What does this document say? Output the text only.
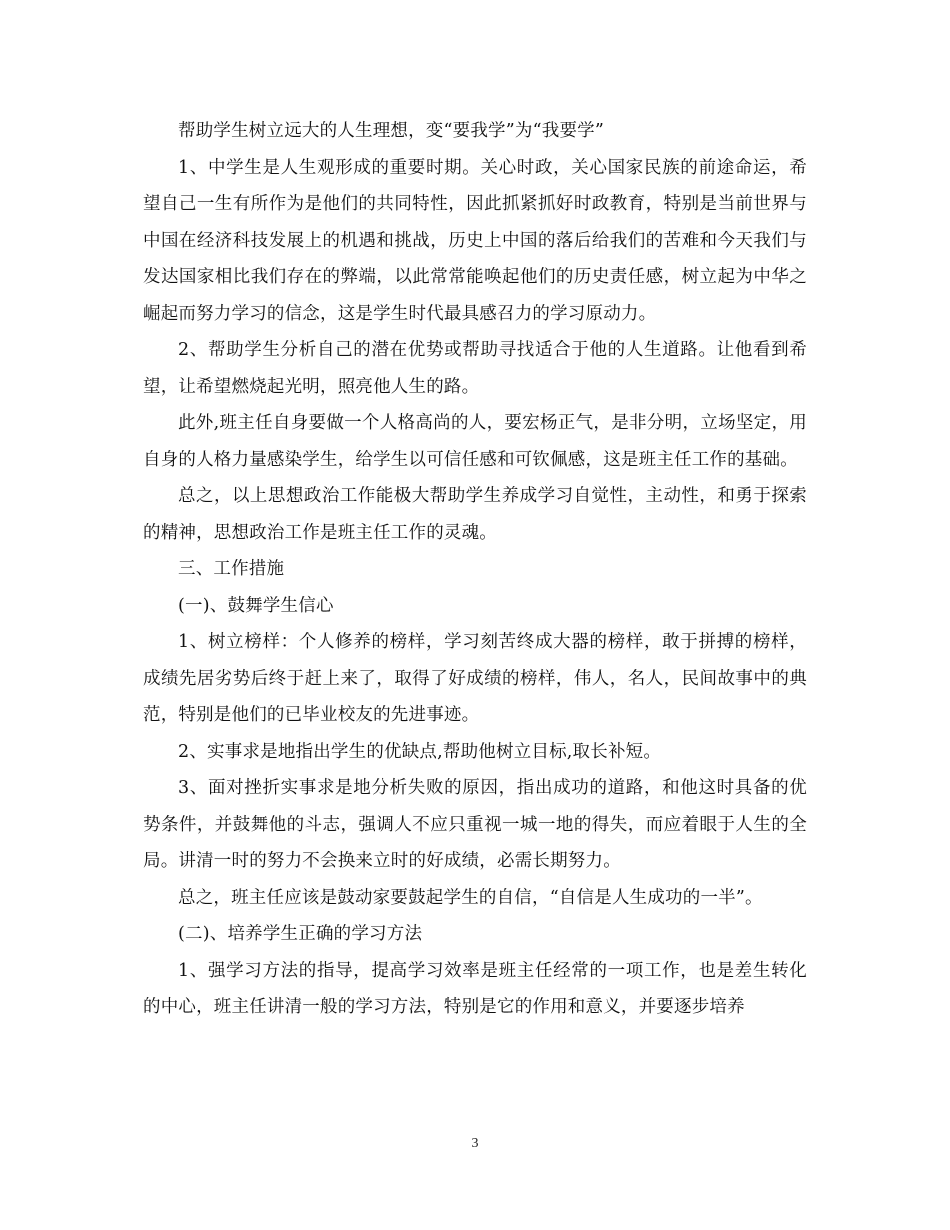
帮助学生树立远大的人生理想，变“要我学”为“我要学”

1、中学生是人生观形成的重要时期。关心时政，关心国家民族的前途命运，希望自己一生有所作为是他们的共同特性，因此抓紧抓好时政教育，特别是当前世界与中国在经济科技发展上的机遇和挑战，历史上中国的落后给我们的苦难和今天我们与发达国家相比我们存在的弊端，以此常常能唤起他们的历史责任感，树立起为中华之崛起而努力学习的信念，这是学生时代最具感召力的学习原动力。

2、帮助学生分析自己的潜在优势或帮助寻找适合于他的人生道路。让他看到希望，让希望燃烧起光明，照亮他人生的路。

此外,班主任自身要做一个人格高尚的人，要宏杨正气，是非分明，立场坚定，用自身的人格力量感染学生，给学生以可信任感和可钦佩感，这是班主任工作的基础。

总之，以上思想政治工作能极大帮助学生养成学习自觉性，主动性，和勇于探索的精神，思想政治工作是班主任工作的灵魂。

三、工作措施

(一)、鼓舞学生信心

1、树立榜样：个人修养的榜样，学习刻苦终成大器的榜样，敢于拼搏的榜样，成绩先居劣势后终于赶上来了，取得了好成绩的榜样，伟人，名人，民间故事中的典范，特别是他们的已毕业校友的先进事迹。

2、实事求是地指出学生的优缺点,帮助他树立目标,取长补短。

3、面对挫折实事求是地分析失败的原因，指出成功的道路，和他这时具备的优势条件，并鼓舞他的斗志，强调人不应只重视一城一地的得失，而应着眼于人生的全局。讲清一时的努力不会换来立时的好成绩，必需长期努力。

总之，班主任应该是鼓动家要鼓起学生的自信，“自信是人生成功的一半”。

(二)、培养学生正确的学习方法

1、强学习方法的指导，提高学习效率是班主任经常的一项工作，也是差生转化的中心，班主任讲清一般的学习方法，特别是它的作用和意义，并要逐步培养

3
